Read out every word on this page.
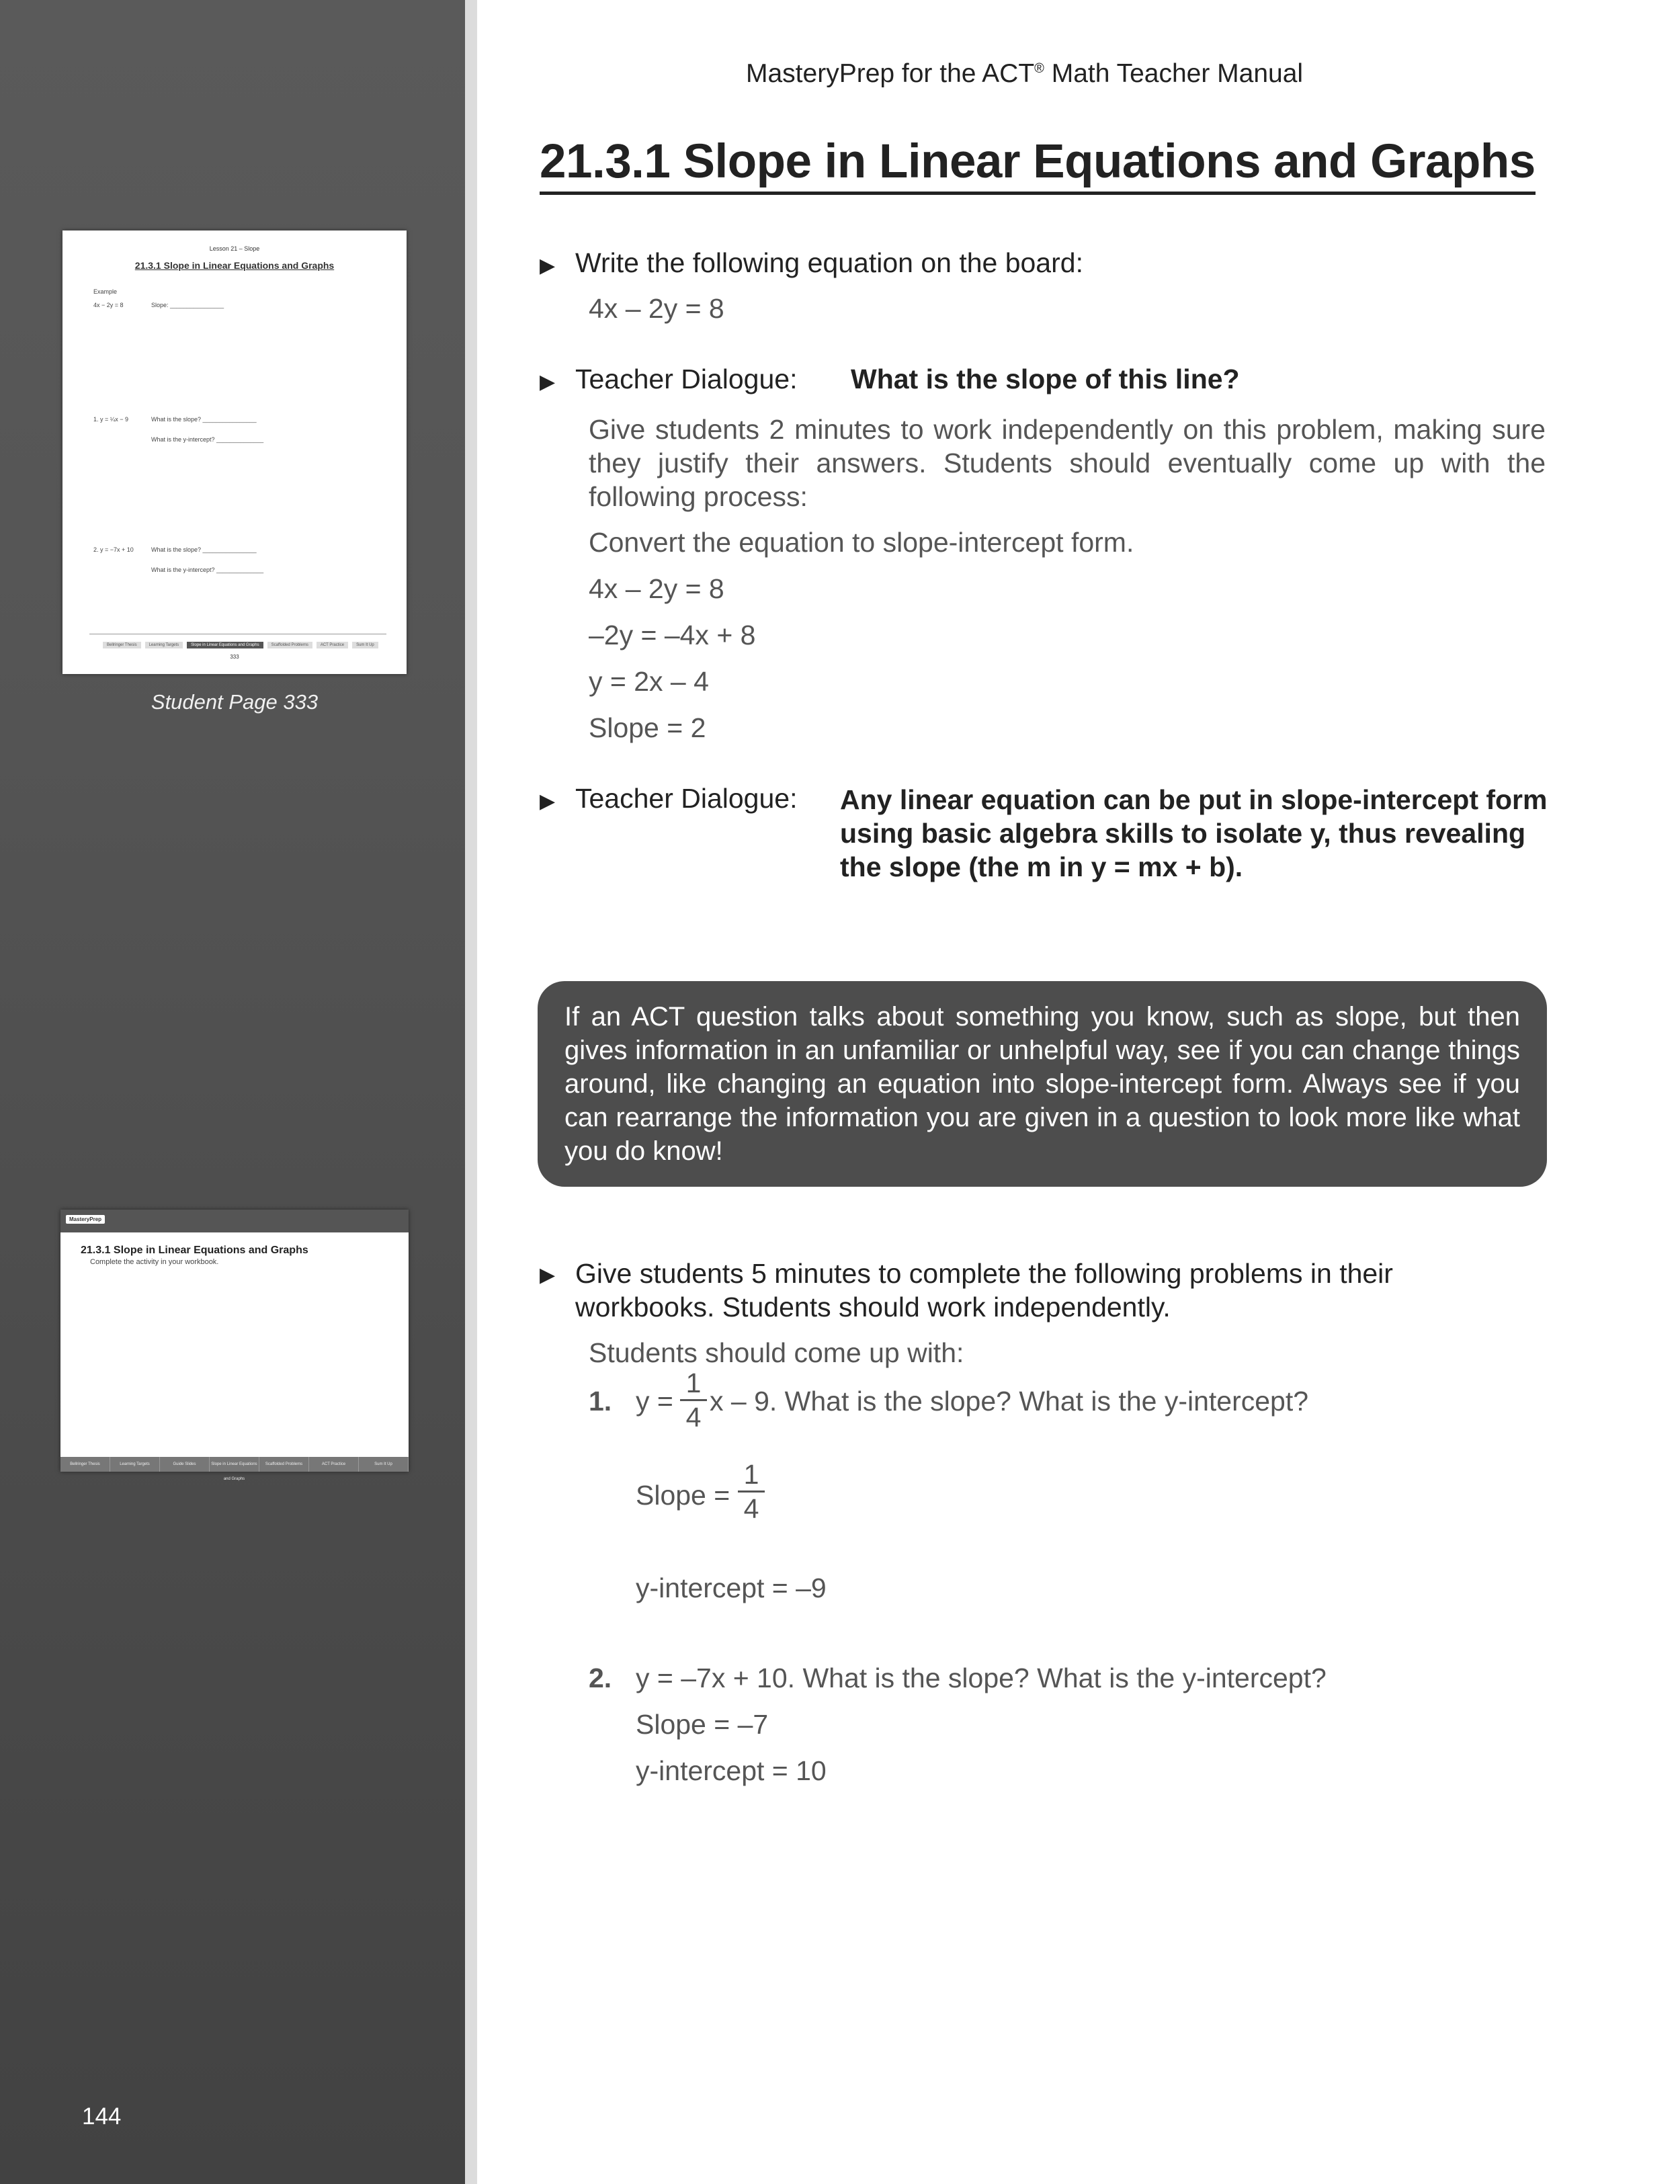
Lesson 21 – Slope
21.3.1 Slope in Linear Equations and Graphs
Example
4x − 2y = 8	Slope: ________________
1. y = ¼x − 9	What is the slope? ________________
What is the y-intercept? ______________
2. y = −7x + 10	What is the slope? ________________
What is the y-intercept? ______________
Bellringer Thesis	Learning Targets	Slope in Linear Equations and Graphs	Scaffolded Problems	ACT Practice	Sum It Up
333
Student Page 333
MasteryPrep
21.3.1 Slope in Linear Equations and Graphs
Complete the activity in your workbook.
Bellringer Thesis	Learning Targets	Guide Slides	Slope in Linear Equations and Graphs
Scaffolded Problems	ACT Practice	Sum It Up
144
MasteryPrep for the ACT® Math Teacher Manual
21.3.1 Slope in Linear Equations and Graphs
▶ Write the following equation on the board:
4x – 2y = 8
▶ Teacher Dialogue: What is the slope of this line?
Give students 2 minutes to work independently on this problem, making sure they justify their answers. Students should eventually come up with the following process:
Convert the equation to slope-intercept form.
4x – 2y = 8
–2y = –4x + 8
y = 2x – 4
Slope = 2
▶ Teacher Dialogue: Any linear equation can be put in slope-intercept form using basic algebra skills to isolate y, thus revealing the slope (the m in y = mx + b).
If an ACT question talks about something you know, such as slope, but then gives information in an unfamiliar or unhelpful way, see if you can change things around, like changing an equation into slope-intercept form. Always see if you can rearrange the information you are given in a question to look more like what you do know!
▶ Give students 5 minutes to complete the following problems in their workbooks. Students should work independently.
Students should come up with:
1. y =
1
4
x – 9. What is the slope? What is the y-intercept?
Slope =
1
4
y-intercept = –9
2. y = –7x + 10. What is the slope? What is the y-intercept?
Slope = –7
y-intercept = 10
